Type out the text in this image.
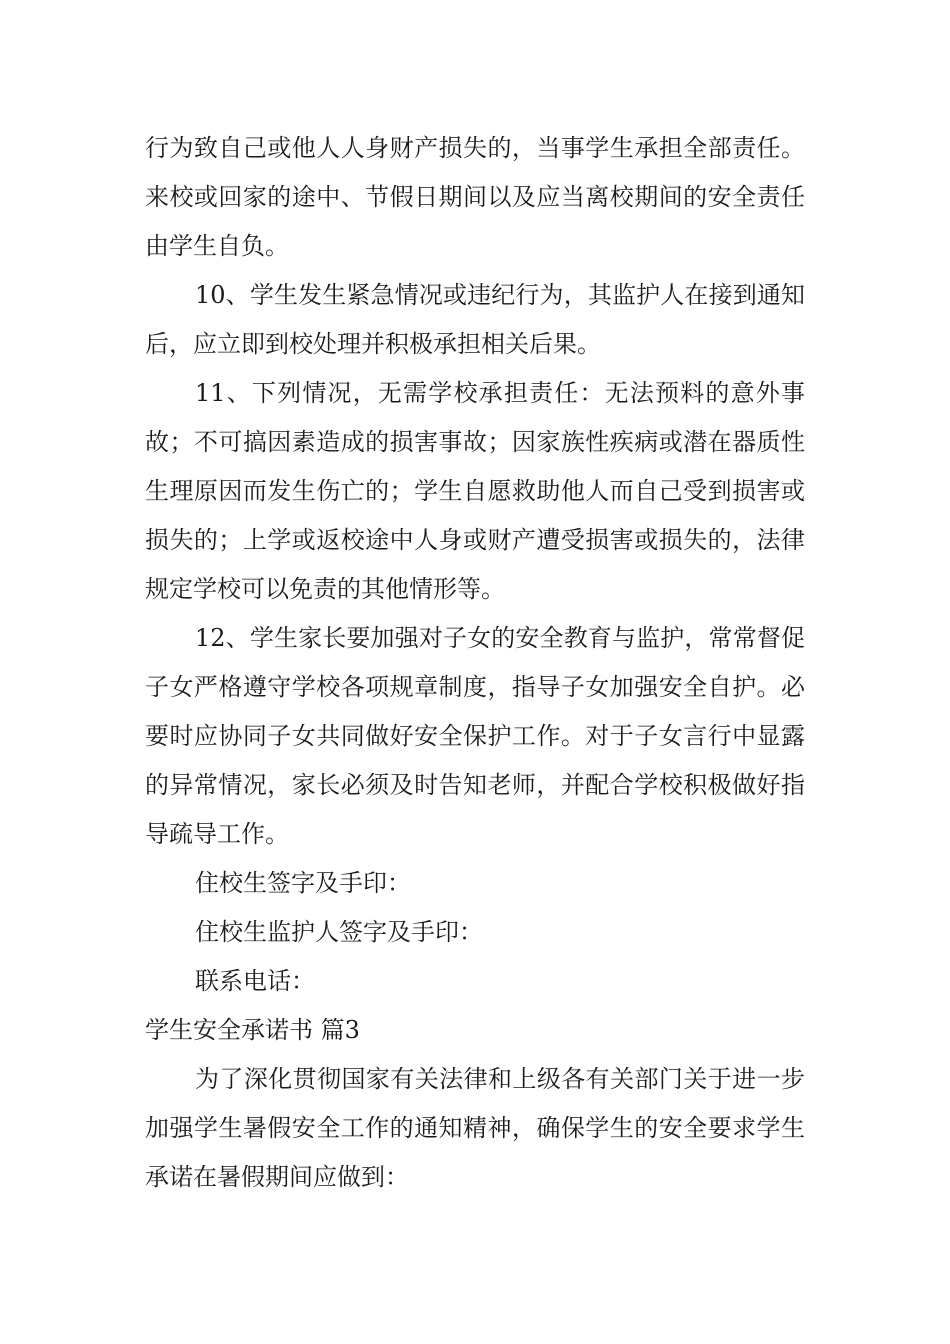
行为致自己或他人人身财产损失的，当事学生承担全部责任。来校或回家的途中、节假日期间以及应当离校期间的安全责任由学生自负。

10、学生发生紧急情况或违纪行为，其监护人在接到通知后，应立即到校处理并积极承担相关后果。

11、下列情况，无需学校承担责任：无法预料的意外事故；不可搞因素造成的损害事故；因家族性疾病或潜在器质性生理原因而发生伤亡的；学生自愿救助他人而自己受到损害或损失的；上学或返校途中人身或财产遭受损害或损失的，法律规定学校可以免责的其他情形等。

12、学生家长要加强对子女的安全教育与监护，常常督促子女严格遵守学校各项规章制度，指导子女加强安全自护。必要时应协同子女共同做好安全保护工作。对于子女言行中显露的异常情况，家长必须及时告知老师，并配合学校积极做好指导疏导工作。

住校生签字及手印：

住校生监护人签字及手印：

联系电话：

学生安全承诺书 篇3

为了深化贯彻国家有关法律和上级各有关部门关于进一步加强学生暑假安全工作的通知精神，确保学生的安全要求学生承诺在暑假期间应做到：
